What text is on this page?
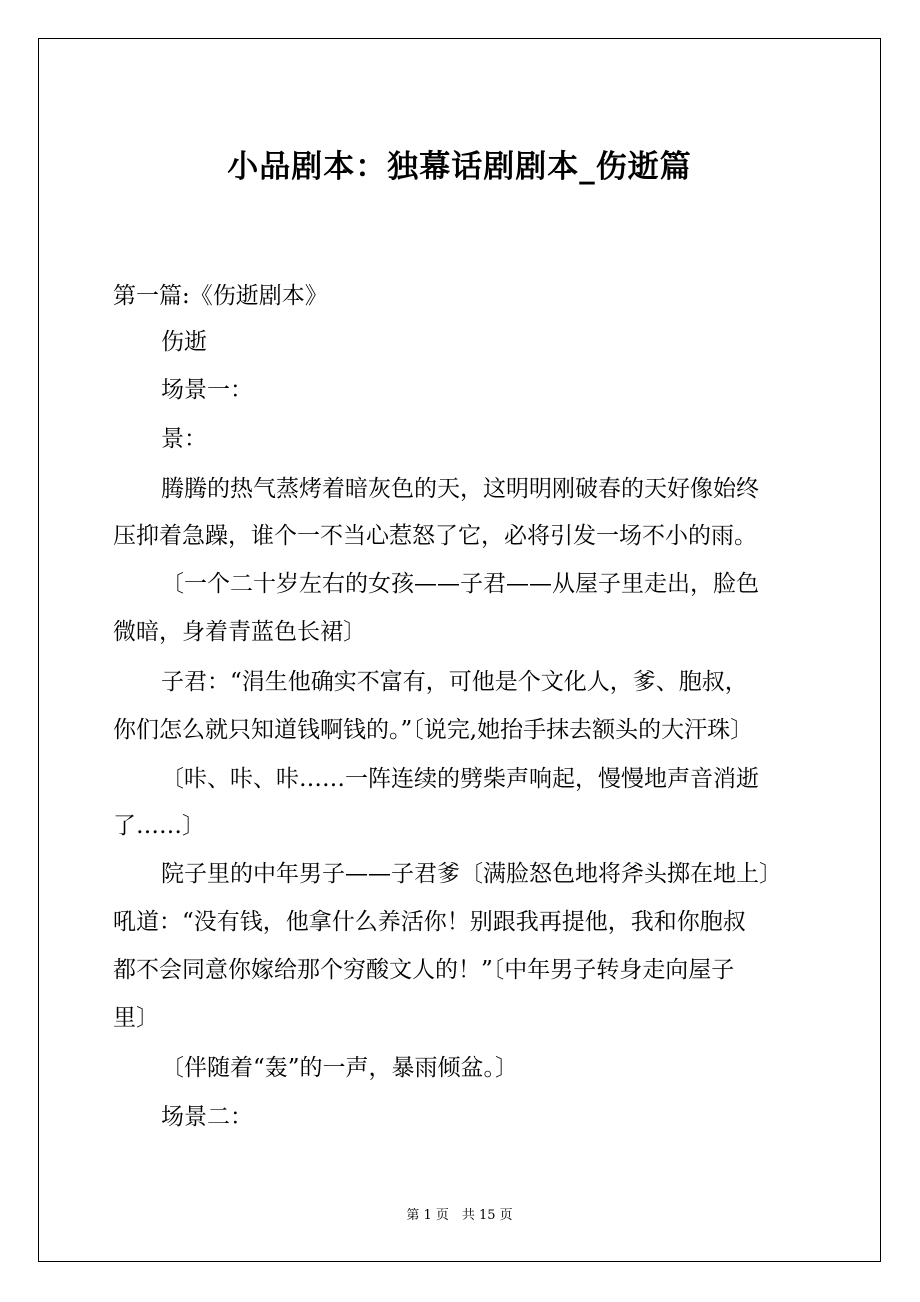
小品剧本：独幕话剧剧本_伤逝篇
第一篇:《伤逝剧本》
伤逝
场景一：
景：
腾腾的热气蒸烤着暗灰色的天，这明明刚破春的天好像始终
压抑着急躁，谁个一不当心惹怒了它，必将引发一场不小的雨。
〔一个二十岁左右的女孩——子君——从屋子里走出，脸色
微暗，身着青蓝色长裙〕
子君：“涓生他确实不富有，可他是个文化人，爹、胞叔，
你们怎么就只知道钱啊钱的。”〔说完,她抬手抹去额头的大汗珠〕
〔咔、咔、咔……一阵连续的劈柴声响起，慢慢地声音消逝
了……〕
院子里的中年男子——子君爹〔满脸怒色地将斧头掷在地上〕
吼道：“没有钱，他拿什么养活你！别跟我再提他，我和你胞叔
都不会同意你嫁给那个穷酸文人的！”〔中年男子转身走向屋子
里〕
〔伴随着“轰”的一声，暴雨倾盆。〕
场景二：
第 1 页　共 15 页
